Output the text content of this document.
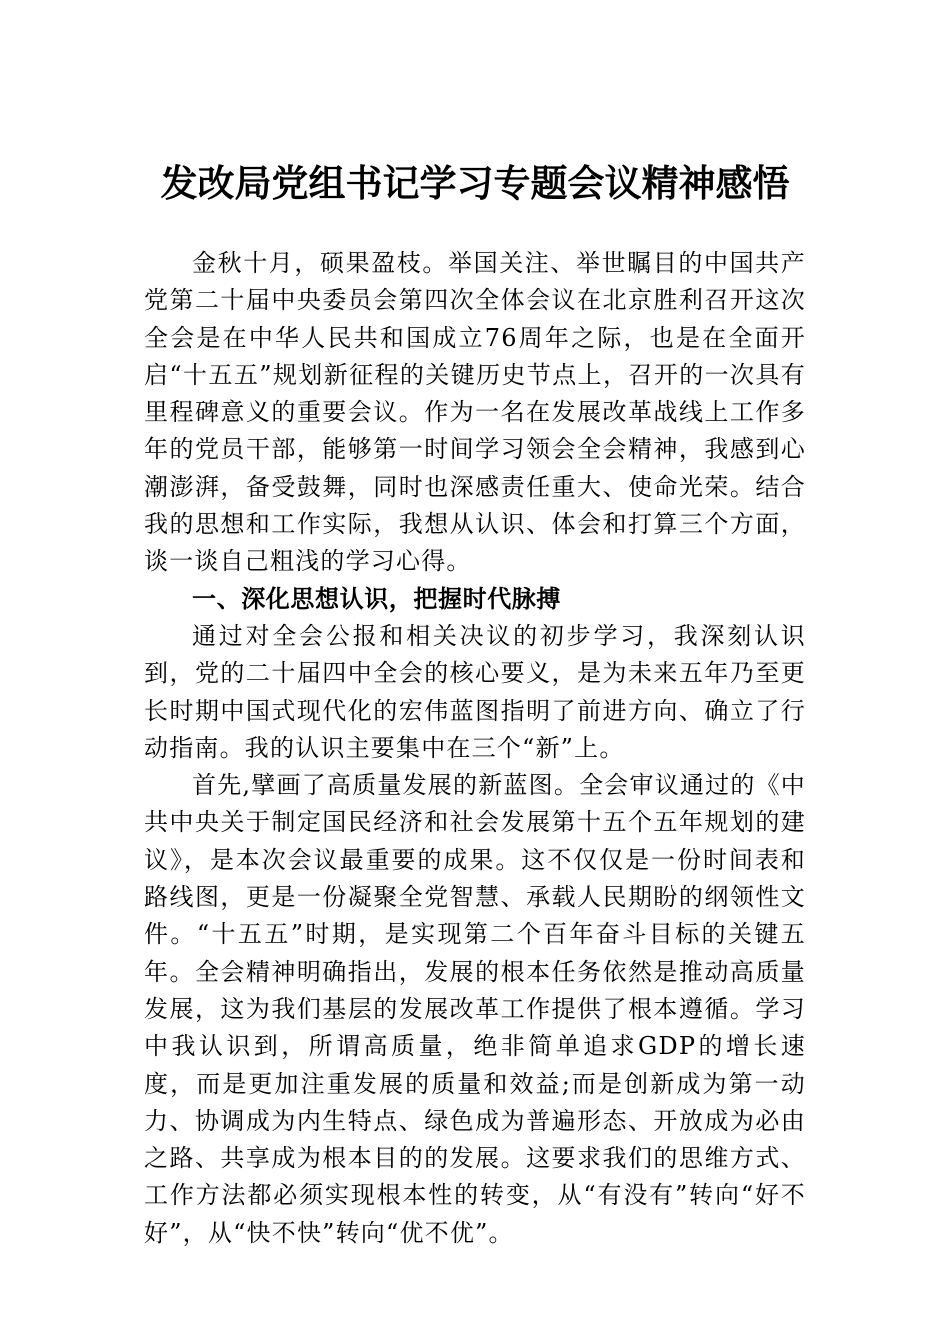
发改局党组书记学习专题会议精神感悟

金秋十月，硕果盈枝。举国关注、举世瞩目的中国共产党第二十届中央委员会第四次全体会议在北京胜利召开这次全会是在中华人民共和国成立76周年之际，也是在全面开启“十五五”规划新征程的关键历史节点上，召开的一次具有里程碑意义的重要会议。作为一名在发展改革战线上工作多年的党员干部，能够第一时间学习领会全会精神，我感到心潮澎湃，备受鼓舞，同时也深感责任重大、使命光荣。结合我的思想和工作实际，我想从认识、体会和打算三个方面，谈一谈自己粗浅的学习心得。

一、深化思想认识，把握时代脉搏

通过对全会公报和相关决议的初步学习，我深刻认识到，党的二十届四中全会的核心要义，是为未来五年乃至更长时期中国式现代化的宏伟蓝图指明了前进方向、确立了行动指南。我的认识主要集中在三个“新”上。

首先,擘画了高质量发展的新蓝图。全会审议通过的《中共中央关于制定国民经济和社会发展第十五个五年规划的建议》，是本次会议最重要的成果。这不仅仅是一份时间表和路线图，更是一份凝聚全党智慧、承载人民期盼的纲领性文件。“十五五”时期，是实现第二个百年奋斗目标的关键五年。全会精神明确指出，发展的根本任务依然是推动高质量发展，这为我们基层的发展改革工作提供了根本遵循。学习中我认识到，所谓高质量，绝非简单追求GDP的增长速度，而是更加注重发展的质量和效益;而是创新成为第一动力、协调成为内生特点、绿色成为普遍形态、开放成为必由之路、共享成为根本目的的发展。这要求我们的思维方式、工作方法都必须实现根本性的转变，从“有没有”转向“好不好”，从“快不快”转向“优不优”。
